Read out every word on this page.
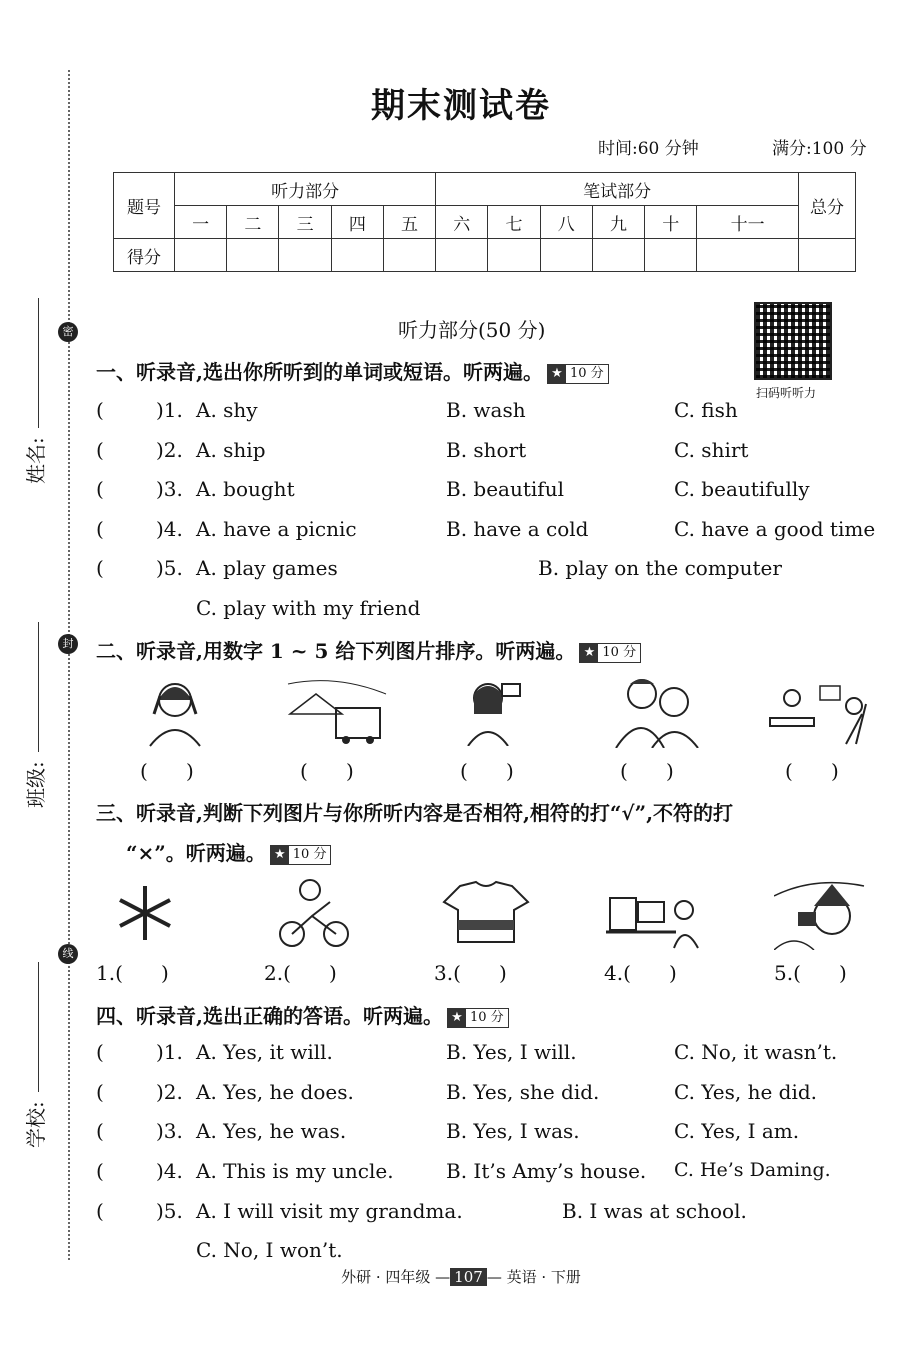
密
封
线
姓名:
班级:
学校:
期末测试卷
时间:60 分钟	满分:100 分
题号	听力部分					笔试部分						总分
	一	二	三	四	五	六	七	八	九	十	十一	
得分												
扫码听听力
听力部分(50 分)
一、听录音,选出你所听到的单词或短语。听两遍。 ★ 10 分
(	)1. A. shy	B. wash	C. fish
(	)2. A. ship	B. short	C. shirt
(	)3. A. bought	B. beautiful	C. beautifully
(	)4. A. have a picnic	B. have a cold	C. have a good time
(	)5. A. play games	B. play on the computer
C. play with my friend
二、听录音,用数字 1 ~ 5 给下列图片排序。听两遍。 ★ 10 分
(      )	(      )	(      )	(      )	(      )
三、听录音,判断下列图片与你所听内容是否相符,相符的打“√”,不符的打
“×”。听两遍。 ★ 10 分
1.(      )	2.(      )	3.(      )	4.(      )	5.(      )
四、听录音,选出正确的答语。听两遍。 ★ 10 分
(	)1. A. Yes, it will.	B. Yes, I will.	C. No, it wasn’t.
(	)2. A. Yes, he does.	B. Yes, she did.	C. Yes, he did.
(	)3. A. Yes, he was.	B. Yes, I was.	C. Yes, I am.
(	)4. A. This is my uncle.	B. It’s Amy’s house. C. He’s Daming.
(	)5. A. I will visit my grandma.	B. I was at school.
C. No, I won’t.
外研 · 四年级 — 107 — 英语 · 下册
